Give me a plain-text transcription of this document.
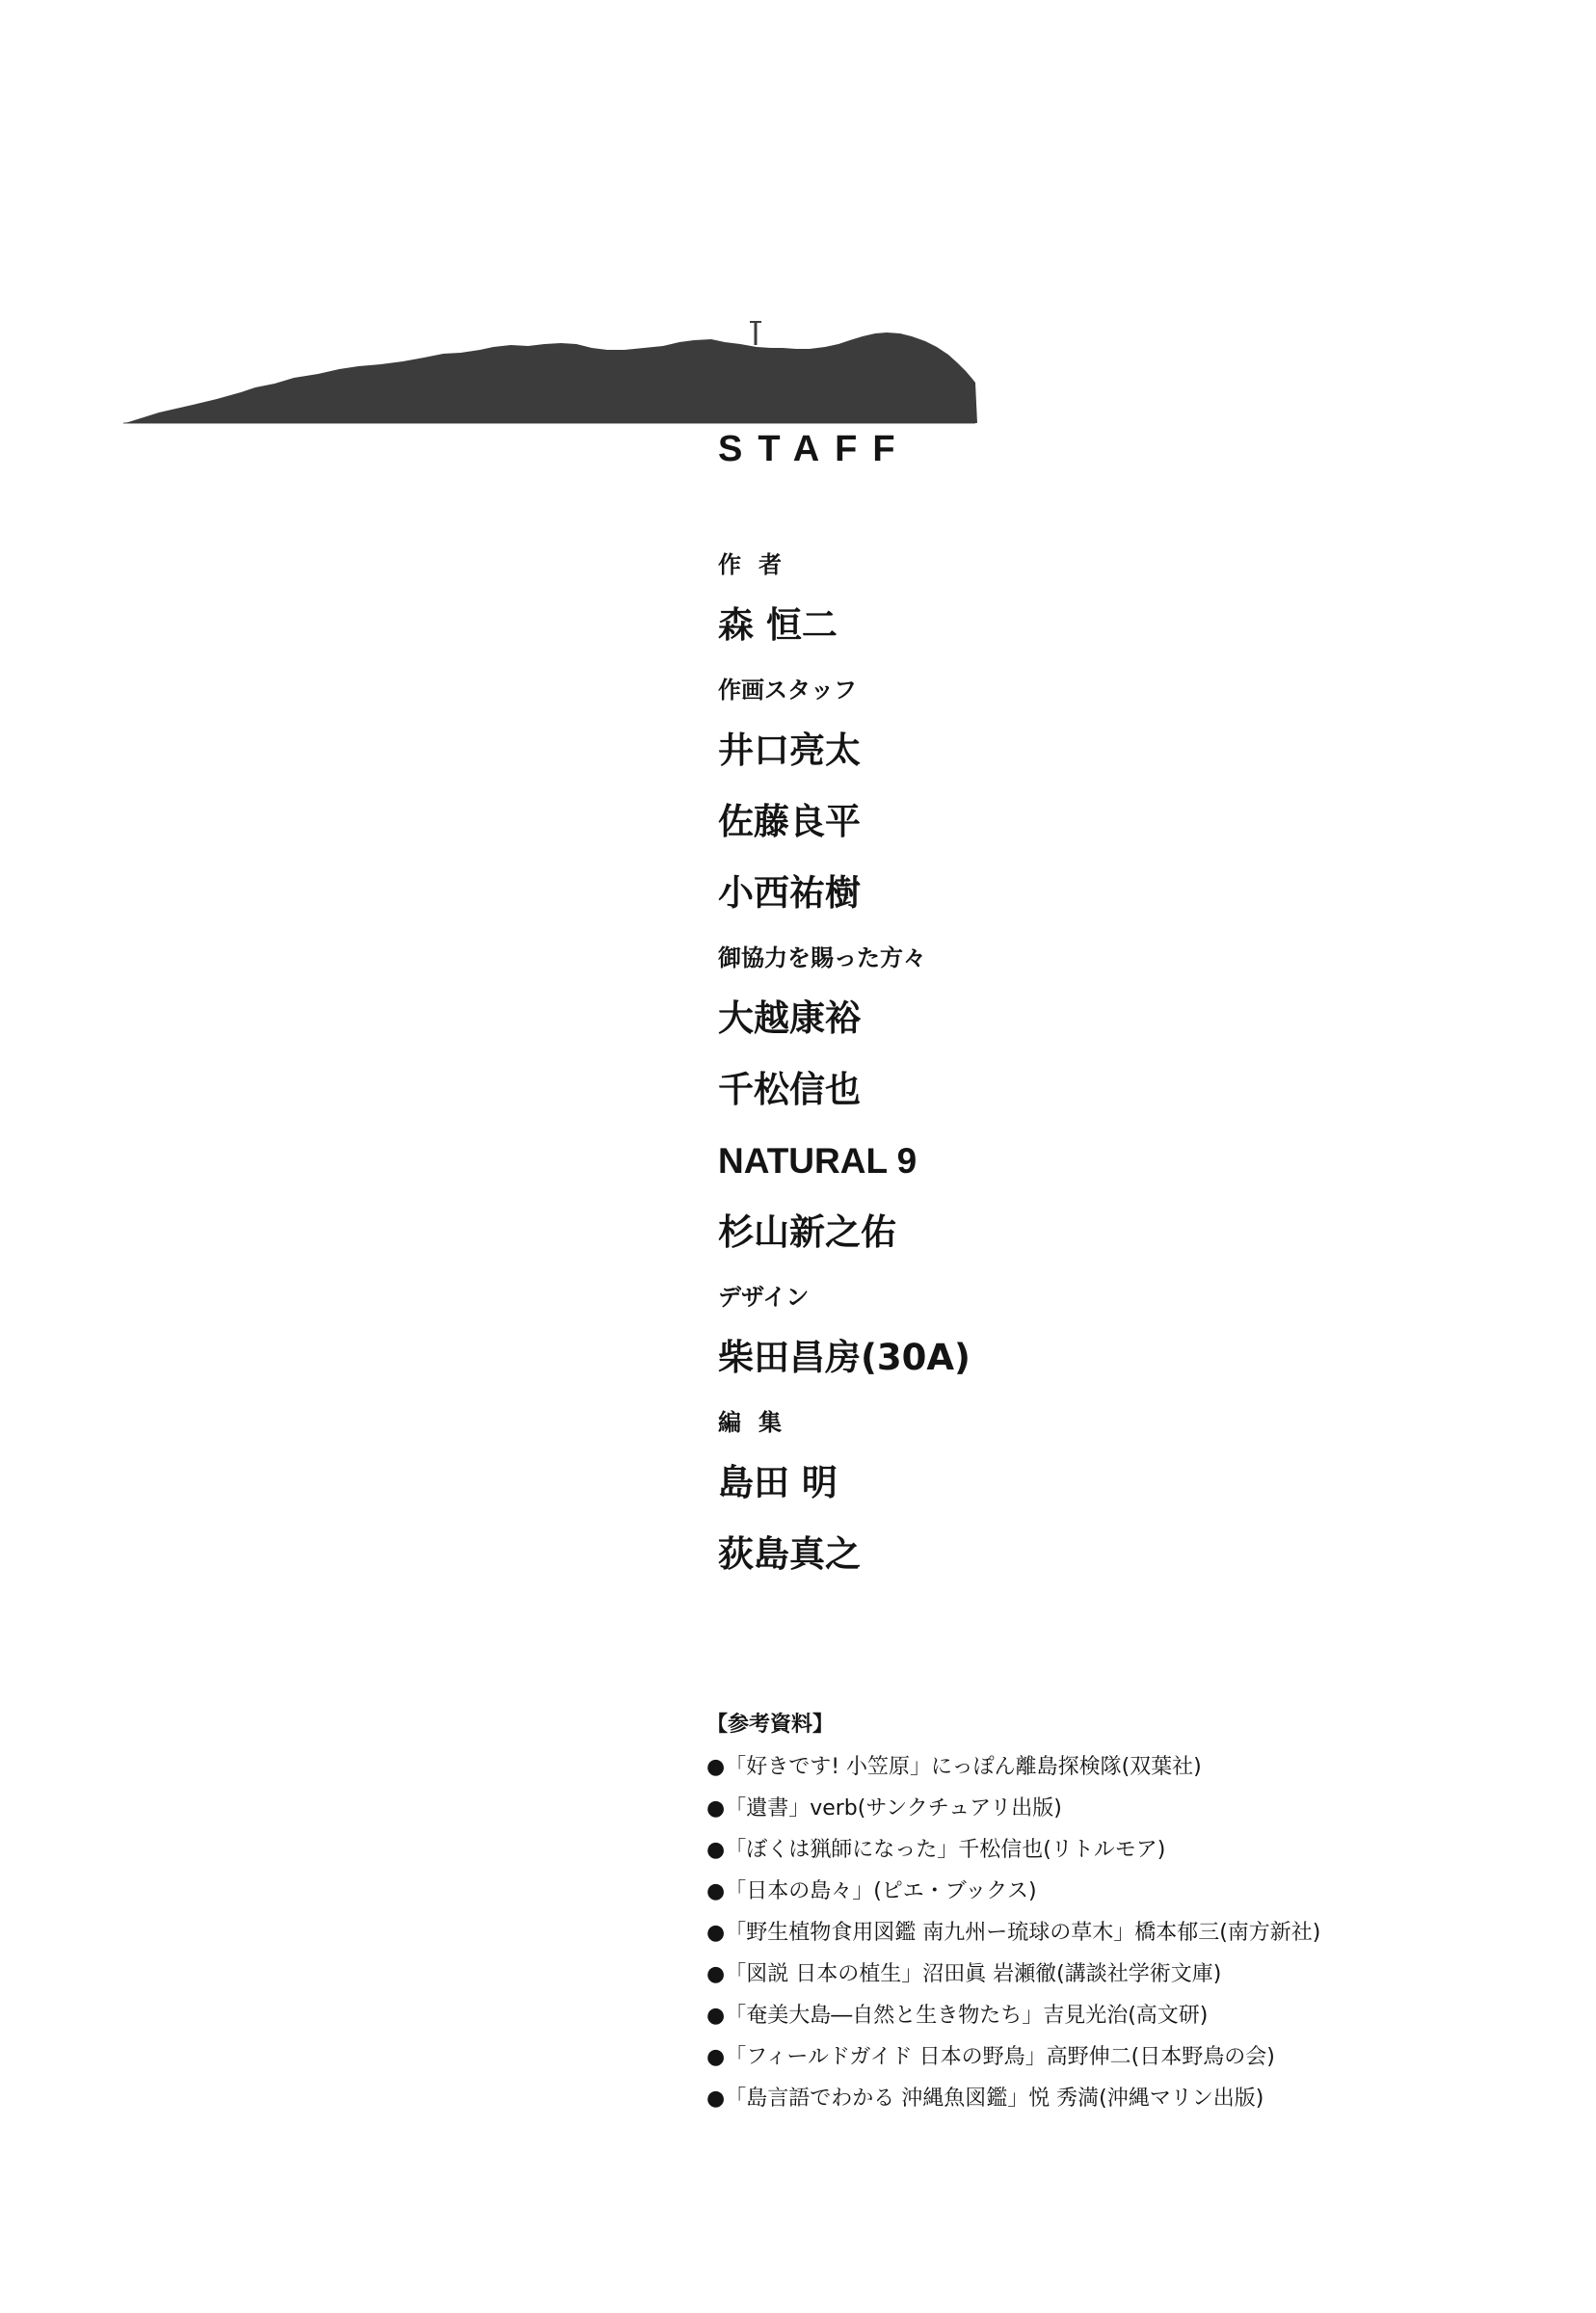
STAFF
作者
森 恒二
作画スタッフ
井口亮太
佐藤良平
小西祐樹
御協力を賜った方々
大越康裕
千松信也
NATURAL 9
杉山新之佑
デザイン
柴田昌房(30A)
編集
島田 明
荻島真之
【参考資料】
●「好きです! 小笠原」にっぽん離島探検隊(双葉社)
●「遺書」verb(サンクチュアリ出版)
●「ぼくは猟師になった」千松信也(リトルモア)
●「日本の島々」(ピエ・ブックス)
●「野生植物食用図鑑 南九州ー琉球の草木」橋本郁三(南方新社)
●「図説 日本の植生」沼田眞 岩瀬徹(講談社学術文庫)
●「奄美大島―自然と生き物たち」吉見光治(高文研)
●「フィールドガイド 日本の野鳥」高野伸二(日本野鳥の会)
●「島言語でわかる 沖縄魚図鑑」悦 秀満(沖縄マリン出版)
